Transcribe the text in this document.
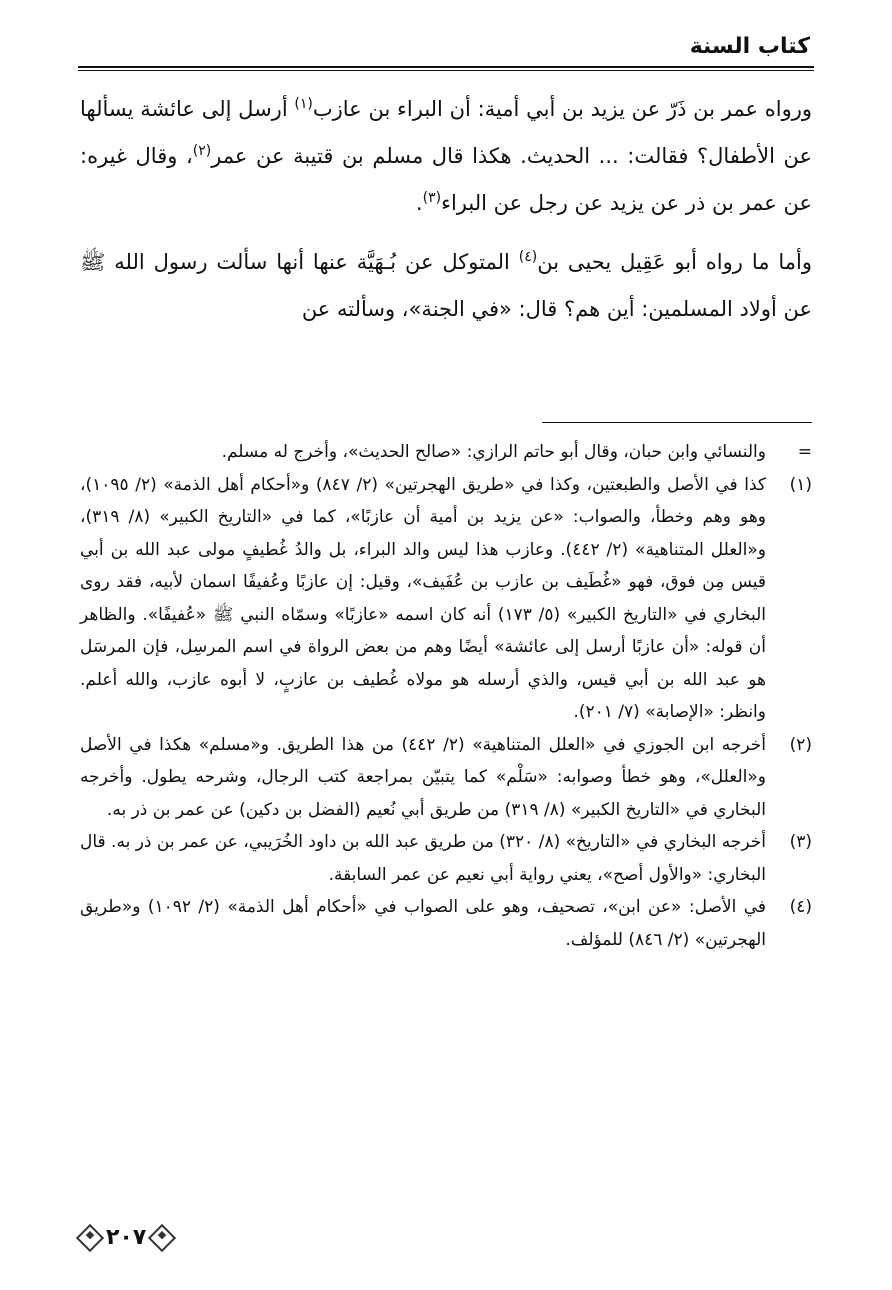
كتاب السنة

ورواه عمر بن ذَرّ عن يزيد بن أبي أمية: أن البراء بن عازب$^{(١)}$ أرسل إلى عائشة يسألها عن الأطفال؟ فقالت: ... الحديث. هكذا قال مسلم بن قتيبة عن عمر$^{(٢)}$، وقال غيره: عن عمر بن ذر عن يزيد عن رجل عن البراء$^{(٣)}$.

وأما ما رواه أبو عَقِيل يحيى بن$^{(٤)}$ المتوكل عن بُـهَيَّة عنها أنها سألت رسول الله ﷺ عن أولاد المسلمين: أين هم؟ قال: «في الجنة»، وسألته عن

=
والنسائي وابن حبان، وقال أبو حاتم الرازي: «صالح الحديث»، وأخرج له مسلم.

(١)
كذا في الأصل والطبعتين، وكذا في «طريق الهجرتين» (٢/ ٨٤٧) و«أحكام أهل الذمة» (٢/ ١٠٩٥)، وهو وهم وخطأ، والصواب: «عن يزيد بن أمية أن عازبًا»، كما في «التاريخ الكبير» (٨/ ٣١٩)، و«العلل المتناهية» (٢/ ٤٤٢). وعازب هذا ليس والد البراء، بل والدُ غُطيفٍ مولى عبد الله بن أبي قيس مِن فوق، فهو «غُطَيف بن عازب بن عُفَيف»، وقيل: إن عازبًا وعُفيفًا اسمان لأبيه، فقد روى البخاري في «التاريخ الكبير» (٥/ ١٧٣) أنه كان اسمه «عازبًا» وسمّاه النبي ﷺ «عُفيفًا». والظاهر أن قوله: «أن عازبًا أرسل إلى عائشة» أيضًا وهم من بعض الرواة في اسم المرسِل، فإن المرسَل هو عبد الله بن أبي قيس، والذي أرسله هو مولاه غُطيف بن عازبٍ، لا أبوه عازب، والله أعلم. وانظر: «الإصابة» (٧/ ٢٠١).

(٢)
أخرجه ابن الجوزي في «العلل المتناهية» (٢/ ٤٤٢) من هذا الطريق. و«مسلم» هكذا في الأصل و«العلل»، وهو خطأ وصوابه: «سَلْم» كما يتبيّن بمراجعة كتب الرجال، وشرحه يطول. وأخرجه البخاري في «التاريخ الكبير» (٨/ ٣١٩) من طريق أبي نُعيم (الفضل بن دكين) عن عمر بن ذر به.

(٣)
أخرجه البخاري في «التاريخ» (٨/ ٣٢٠) من طريق عبد الله بن داود الخُرَيبي، عن عمر بن ذر به. قال البخاري: «والأول أصح»، يعني رواية أبي نعيم عن عمر السابقة.

(٤)
في الأصل: «عن ابن»، تصحيف، وهو على الصواب في «أحكام أهل الذمة» (٢/ ١٠٩٢) و«طريق الهجرتين» (٢/ ٨٤٦) للمؤلف.

٢٠٧
